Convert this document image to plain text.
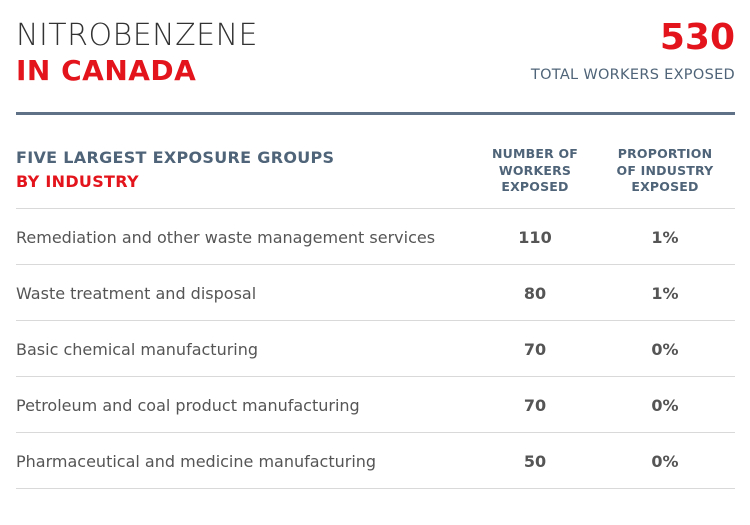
NITROBENZENE
IN CANADA
530
TOTAL WORKERS EXPOSED
FIVE LARGEST EXPOSURE GROUPS
BY INDUSTRY
NUMBER OF
WORKERS
EXPOSED
PROPORTION
OF INDUSTRY
EXPOSED
Remediation and other waste management services	110	1%
Waste treatment and disposal	80	1%
Basic chemical manufacturing	70	0%
Petroleum and coal product manufacturing	70	0%
Pharmaceutical and medicine manufacturing	50	0%
